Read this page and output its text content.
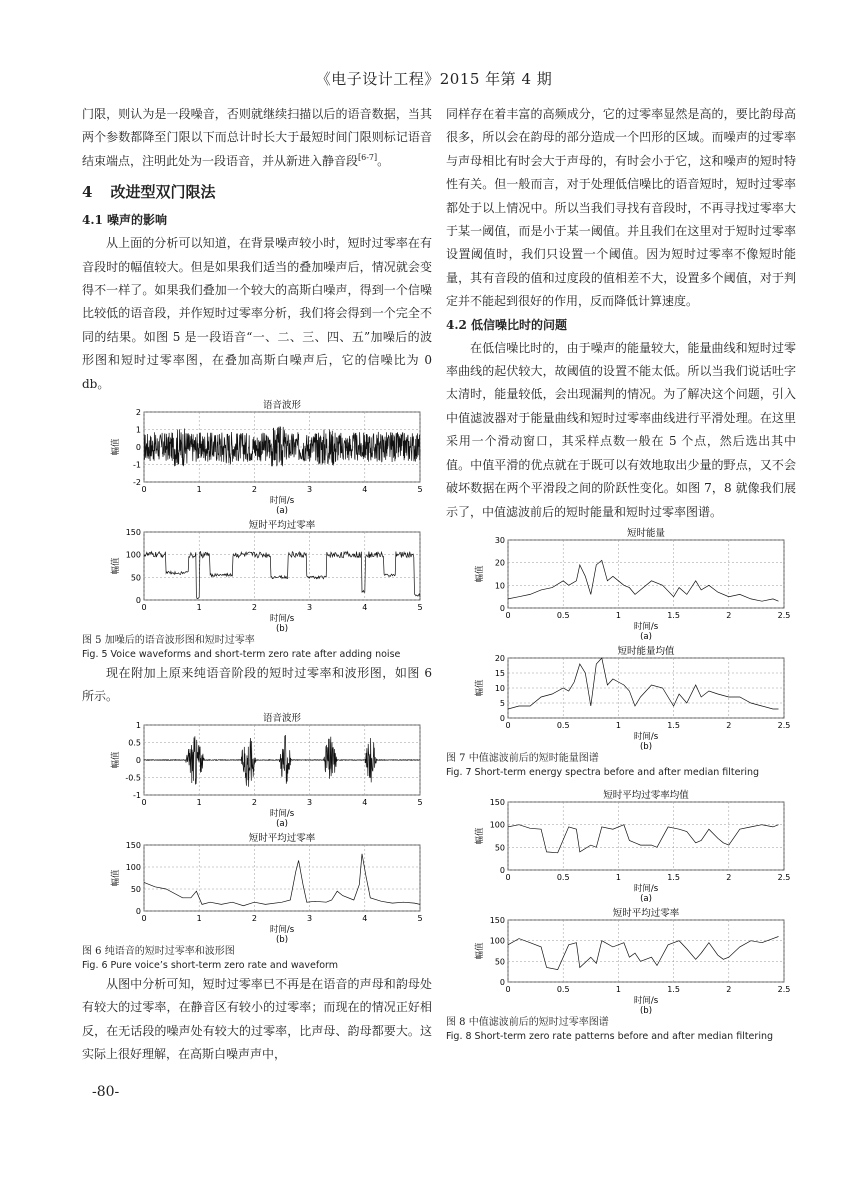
《电子设计工程》2015 年第 4 期

门限，则认为是一段噪音，否则就继续扫描以后的语音数据，当其两个参数都降至门限以下而总计时长大于最短时间门限则标记语音结束端点，注明此处为一段语音，并从新进入静音段[6-7]。

4 改进型双门限法
4.1 噪声的影响

从上面的分析可以知道，在背景噪声较小时，短时过零率在有音段时的幅值较大。但是如果我们适当的叠加噪声后，情况就会变得不一样了。如果我们叠加一个较大的高斯白噪声，得到一个信噪比较低的语音段，并作短时过零率分析，我们将会得到一个完全不同的结果。如图 5 是一段语音“一、二、三、四、五”加噪后的波形图和短时过零率图，在叠加高斯白噪声后，它的信噪比为 0 db。

语音波形
0	1	2	3	4	5
-2
-1
0
1
2
时间/s
(a)
幅值
短时平均过零率
0	1	2	3	4	5
0
50
100
150
时间/s
(b)
幅值

图 5 加噪后的语音波形图和短时过零率

Fig. 5 Voice waveforms and short-term zero rate after adding noise

现在附加上原来纯语音阶段的短时过零率和波形图，如图 6 所示。

语音波形
0	1	2	3	4	5
-1
-0.5
0
0.5
1
时间/s
(a)
幅值
短时平均过零率
0	1	2	3	4	5
0
50
100
150
时间/s
(b)
幅值

图 6 纯语音的短时过零率和波形图

Fig. 6 Pure voice’s short-term zero rate and waveform

从图中分析可知，短时过零率已不再是在语音的声母和韵母处有较大的过零率，在静音区有较小的过零率；而现在的情况正好相反，在无话段的噪声处有较大的过零率，比声母、韵母都要大。这实际上很好理解，在高斯白噪声声中，

同样存在着丰富的高频成分，它的过零率显然是高的，要比韵母高很多，所以会在韵母的部分造成一个凹形的区域。而噪声的过零率与声母相比有时会大于声母的，有时会小于它，这和噪声的短时特性有关。但一般而言，对于处理低信噪比的语音短时，短时过零率都处于以上情况中。所以当我们寻找有音段时，不再寻找过零率大于某一阈值，而是小于某一阈值。并且我们在这里对于短时过零率设置阈值时，我们只设置一个阈值。因为短时过零率不像短时能量，其有音段的值和过度段的值相差不大，设置多个阈值，对于判定并不能起到很好的作用，反而降低计算速度。

4.2 低信噪比时的问题

在低信噪比时的，由于噪声的能量较大，能量曲线和短时过零率曲线的起伏较大，故阈值的设置不能太低。所以当我们说话吐字太清时，能量较低，会出现漏判的情况。为了解决这个问题，引入中值滤波器对于能量曲线和短时过零率曲线进行平滑处理。在这里采用一个滑动窗口，其采样点数一般在 5 个点，然后选出其中值。中值平滑的优点就在于既可以有效地取出少量的野点，又不会破坏数据在两个平滑段之间的阶跃性变化。如图 7，8 就像我们展示了，中值滤波前后的短时能量和短时过零率图谱。

短时能量
0	0.5	1	1.5	2	2.5
0
10
20
30
时间/s
(a)
幅值
短时能量均值
0	0.5	1	1.5	2	2.5
0
5
10
15
20
时间/s
(b)
幅值

图 7 中值滤波前后的短时能量图谱

Fig. 7 Short-term energy spectra before and after median filtering

短时平均过零率均值
0	0.5	1	1.5	2	2.5
0
50
100
150
时间/s
(a)
幅值
短时平均过零率
0	0.5	1	1.5	2	2.5
0
50
100
150
时间/s
(b)
幅值

图 8 中值滤波前后的短时过零率图谱

Fig. 8 Short-term zero rate patterns before and after median filtering

-80-
